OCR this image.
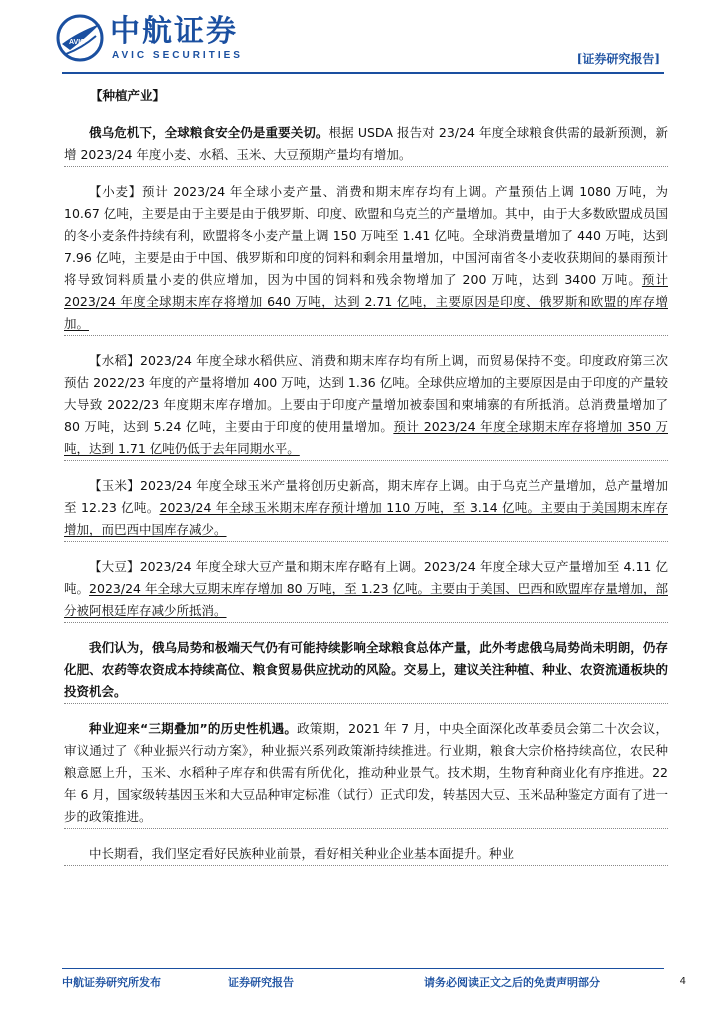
AVIC 中航证券
AVIC SECURITIES	[证券研究报告]
【种植产业】

俄乌危机下，全球粮食安全仍是重要关切。根据 USDA 报告对 23/24 年度全球粮食供需的最新预测，新增 2023/24 年度小麦、水稻、玉米、大豆预期产量均有增加。

【小麦】预计 2023/24 年全球小麦产量、消费和期末库存均有上调。产量预估上调 1080 万吨，为 10.67 亿吨，主要是由于主要是由于俄罗斯、印度、欧盟和乌克兰的产量增加。其中，由于大多数欧盟成员国的冬小麦条件持续有利，欧盟将冬小麦产量上调 150 万吨至 1.41 亿吨。全球消费量增加了 440 万吨，达到 7.96 亿吨，主要是由于中国、俄罗斯和印度的饲料和剩余用量增加，中国河南省冬小麦收获期间的暴雨预计将导致饲料质量小麦的供应增加，因为中国的饲料和残余物增加了 200 万吨，达到 3400 万吨。预计 2023/24 年度全球期末库存将增加 640 万吨，达到 2.71 亿吨，主要原因是印度、俄罗斯和欧盟的库存增加。

【水稻】2023/24 年度全球水稻供应、消费和期末库存均有所上调，而贸易保持不变。印度政府第三次预估 2022/23 年度的产量将增加 400 万吨，达到 1.36 亿吨。全球供应增加的主要原因是由于印度的产量较大导致 2022/23 年度期末库存增加。上要由于印度产量增加被泰国和柬埔寨的有所抵消。总消费量增加了 80 万吨，达到 5.24 亿吨，主要由于印度的使用量增加。预计 2023/24 年度全球期末库存将增加 350 万吨，达到 1.71 亿吨仍低于去年同期水平。

【玉米】2023/24 年度全球玉米产量将创历史新高，期末库存上调。由于乌克兰产量增加，总产量增加至 12.23 亿吨。2023/24 年全球玉米期末库存预计增加 110 万吨，至 3.14 亿吨。主要由于美国期末库存增加，而巴西中国库存减少。

【大豆】2023/24 年度全球大豆产量和期末库存略有上调。2023/24 年度全球大豆产量增加至 4.11 亿吨。2023/24 年全球大豆期末库存增加 80 万吨，至 1.23 亿吨。主要由于美国、巴西和欧盟库存量增加，部分被阿根廷库存减少所抵消。

我们认为，俄乌局势和极端天气仍有可能持续影响全球粮食总体产量，此外考虑俄乌局势尚未明朗，仍存化肥、农药等农资成本持续高位、粮食贸易供应扰动的风险。交易上，建议关注种植、种业、农资流通板块的投资机会。

种业迎来“三期叠加”的历史性机遇。政策期，2021 年 7 月，中央全面深化改革委员会第二十次会议，审议通过了《种业振兴行动方案》，种业振兴系列政策渐持续推进。行业期，粮食大宗价格持续高位，农民种粮意愿上升，玉米、水稻种子库存和供需有所优化，推动种业景气。技术期，生物育种商业化有序推进。22 年 6 月，国家级转基因玉米和大豆品种审定标准（试行）正式印发，转基因大豆、玉米品种鉴定方面有了进一步的政策推进。

中长期看，我们坚定看好民族种业前景，看好相关种业企业基本面提升。种业

中航证券研究所发布	证券研究报告	请务必阅读正文之后的免责声明部分	4
